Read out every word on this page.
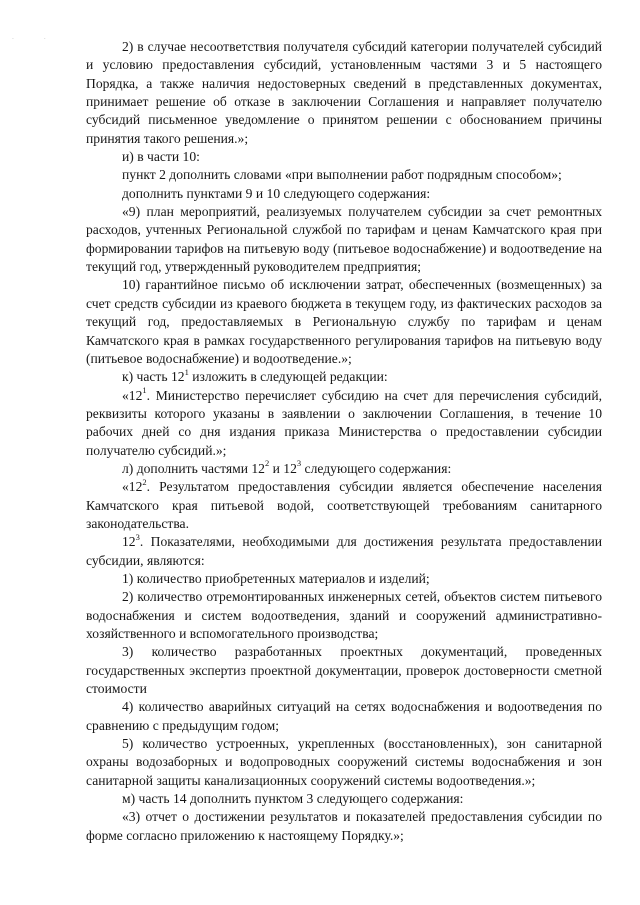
. .

2) в случае несоответствия получателя субсидий категории получателей субсидий и условию предоставления субсидий, установленным частями 3 и 5 настоящего Порядка, а также наличия недостоверных сведений в представленных документах, принимает решение об отказе в заключении Соглашения и направляет получателю субсидий письменное уведомление о принятом решении с обоснованием причины принятия такого решения.»;

и) в части 10:

пункт 2 дополнить словами «при выполнении работ подрядным способом»;

дополнить пунктами 9 и 10 следующего содержания:

«9) план мероприятий, реализуемых получателем субсидии за счет ремонтных расходов, учтенных Региональной службой по тарифам и ценам Камчатского края при формировании тарифов на питьевую воду (питьевое водоснабжение) и водоотведение на текущий год, утвержденный руководителем предприятия;

10) гарантийное письмо об исключении затрат, обеспеченных (возмещенных) за счет средств субсидии из краевого бюджета в текущем году, из фактических расходов за текущий год, предоставляемых в Региональную службу по тарифам и ценам Камчатского края в рамках государственного регулирования тарифов на питьевую воду (питьевое водоснабжение) и водоотведение.»;

к) часть $12^1$ изложить в следующей редакции:

«$12^1$. Министерство перечисляет субсидию на счет для перечисления субсидий, реквизиты которого указаны в заявлении о заключении Соглашения, в течение 10 рабочих дней со дня издания приказа Министерства о предоставлении субсидии получателю субсидий.»;

л) дополнить частями $12^2$ и $12^3$ следующего содержания:

«$12^2$. Результатом предоставления субсидии является обеспечение населения Камчатского края питьевой водой, соответствующей требованиям санитарного законодательства.

$12^3$. Показателями, необходимыми для достижения результата предоставлении субсидии, являются:

1) количество приобретенных материалов и изделий;

2) количество отремонтированных инженерных сетей, объектов систем питьевого водоснабжения и систем водоотведения, зданий и сооружений административно-хозяйственного и вспомогательного производства;

3) количество разработанных проектных документаций, проведенных государственных экспертиз проектной документации, проверок достоверности сметной стоимости

4) количество аварийных ситуаций на сетях водоснабжения и водоотведения по сравнению с предыдущим годом;

5) количество устроенных, укрепленных (восстановленных), зон санитарной охраны водозаборных и водопроводных сооружений системы водоснабжения и зон санитарной защиты канализационных сооружений системы водоотведения.»;

м) часть 14 дополнить пунктом 3 следующего содержания:

«3) отчет о достижении результатов и показателей предоставления субсидии по форме согласно приложению к настоящему Порядку.»;
